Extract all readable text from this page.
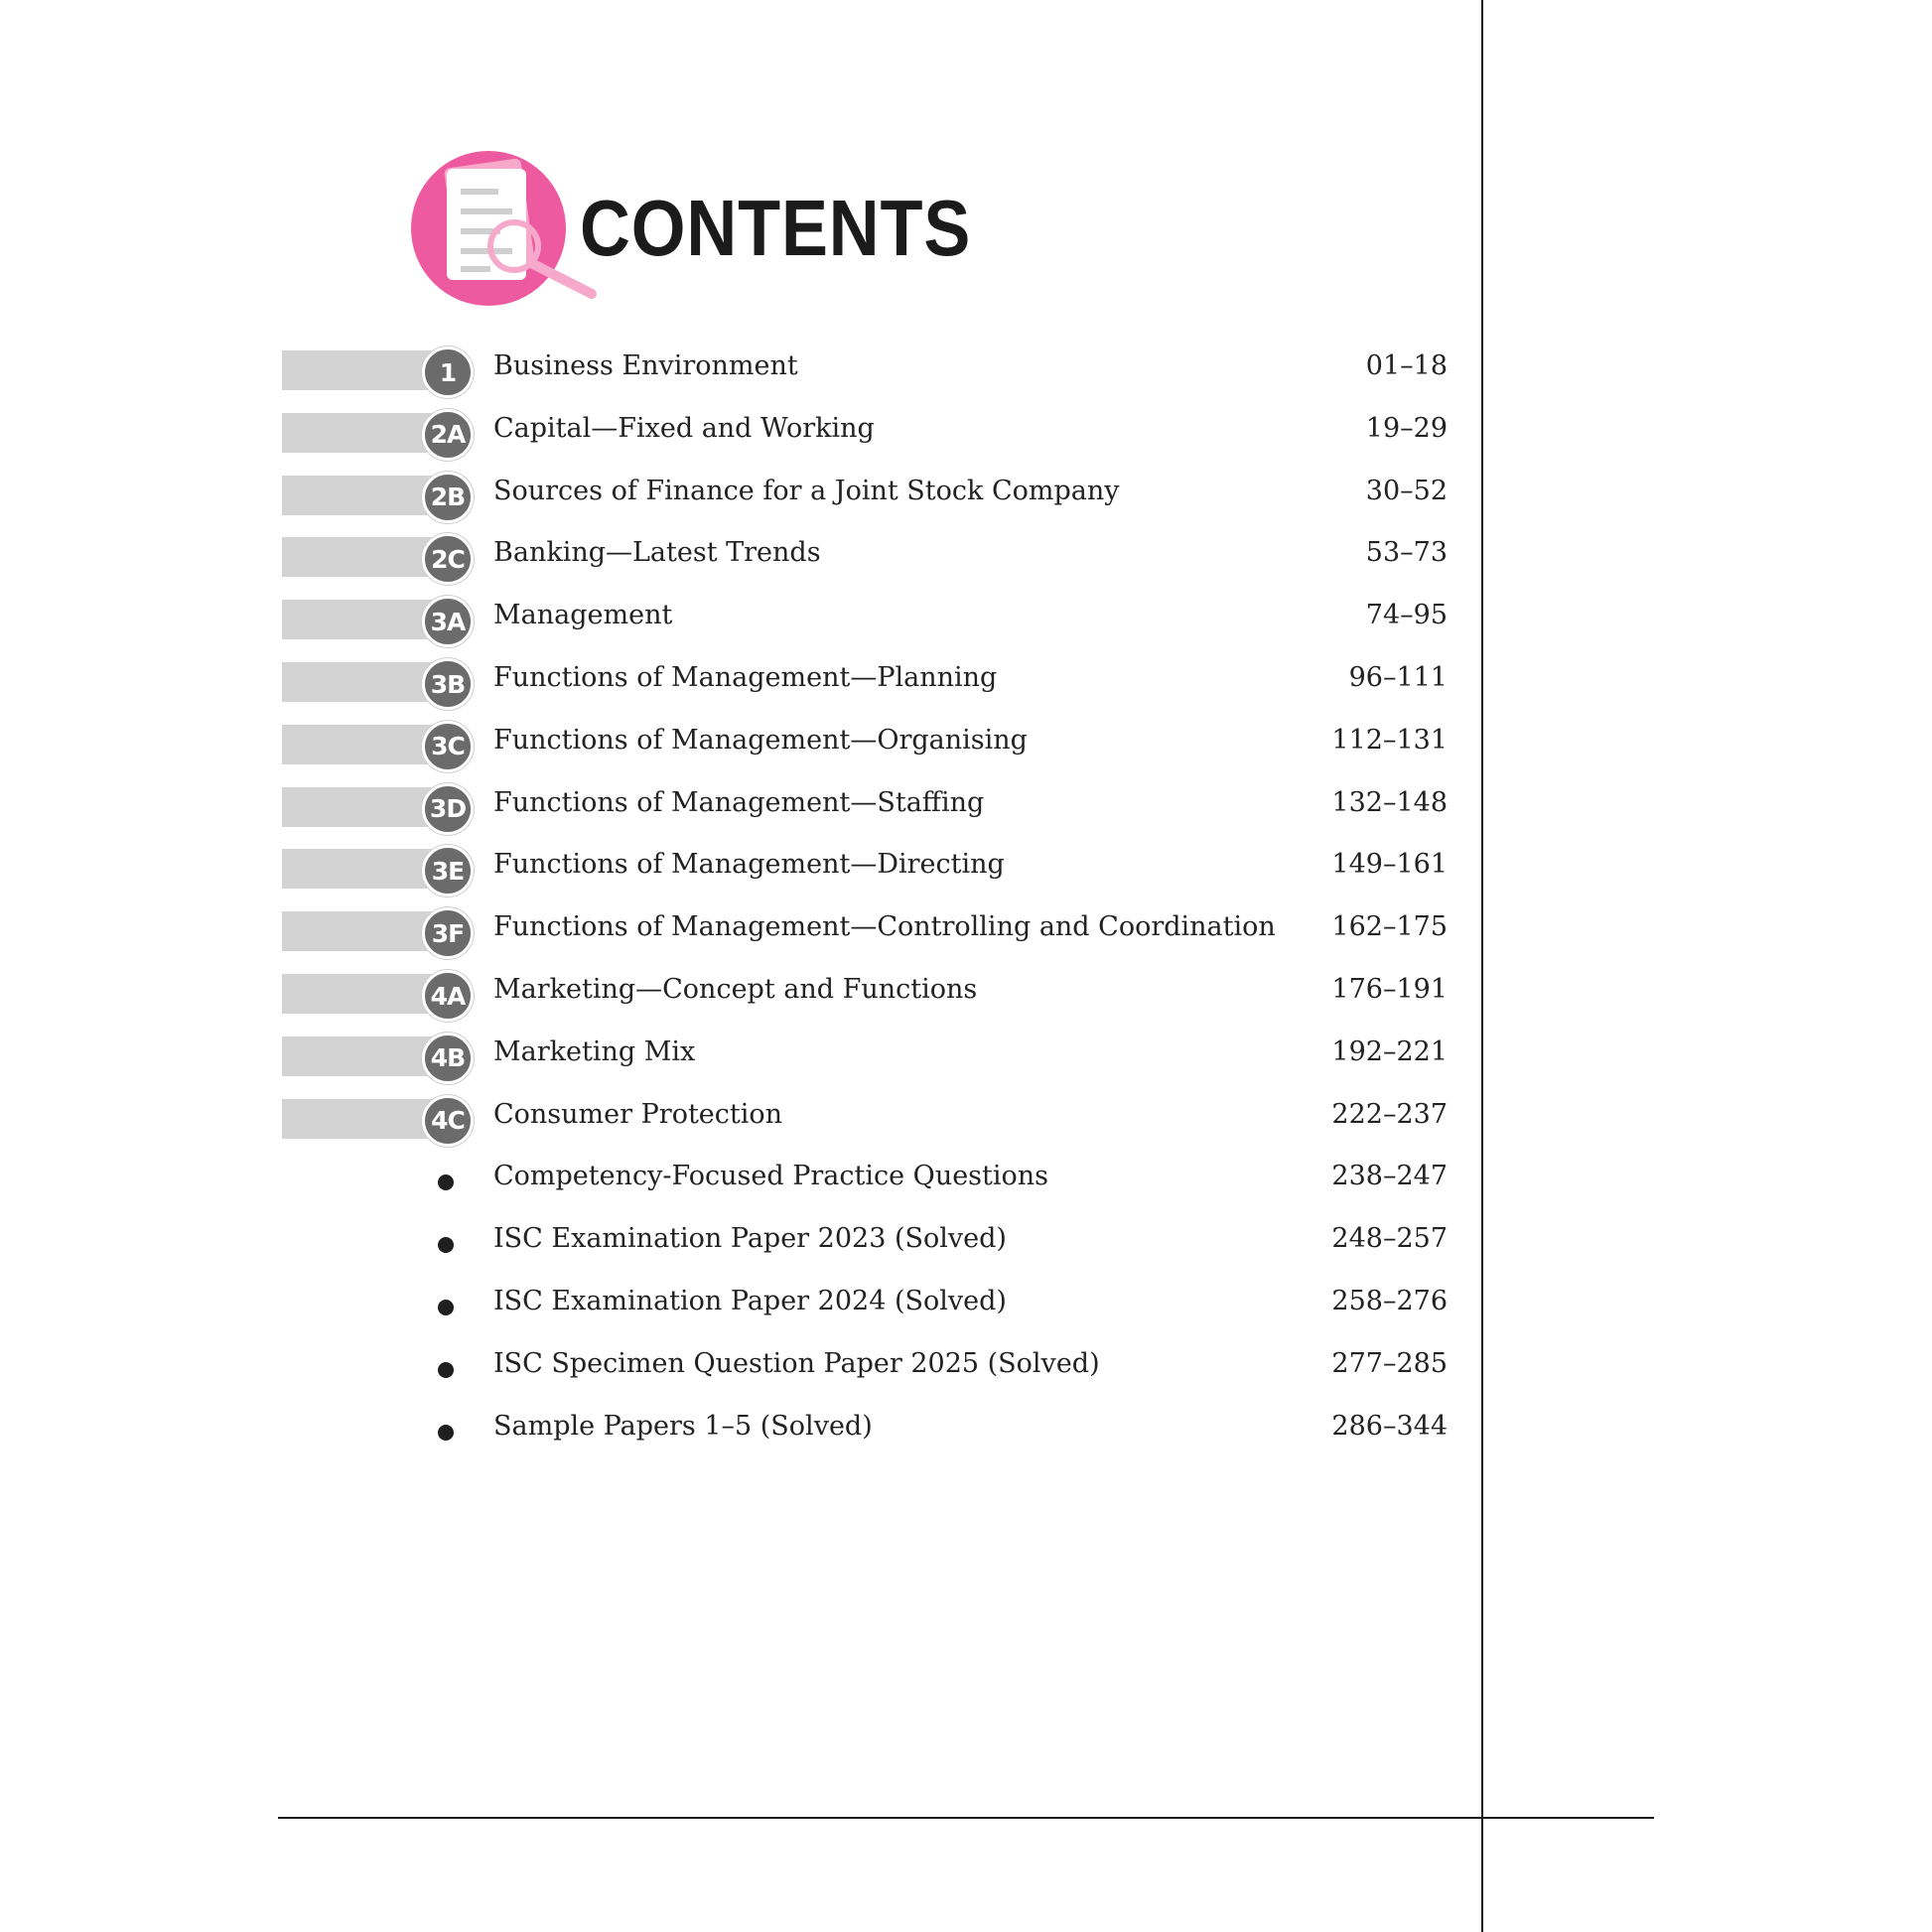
CONTENTS
1	Business Environment	01–18
2A	Capital—Fixed and Working	19–29
2B	Sources of Finance for a Joint Stock Company	30–52
2C	Banking—Latest Trends	53–73
3A	Management	74–95
3B	Functions of Management—Planning	96–111
3C	Functions of Management—Organising	112–131
3D Functions of Management—Staffing	132–148
3E	Functions of Management—Directing	149–161
3F	Functions of Management—Controlling and Coordination 162–175
4A	Marketing—Concept and Functions	176–191
4B	Marketing Mix	192–221
4C	Consumer Protection	222–237
Competency-Focused Practice Questions	238–247
ISC Examination Paper 2023 (Solved)	248–257
ISC Examination Paper 2024 (Solved)	258–276
ISC Specimen Question Paper 2025 (Solved)	277–285
Sample Papers 1–5 (Solved)	286–344
